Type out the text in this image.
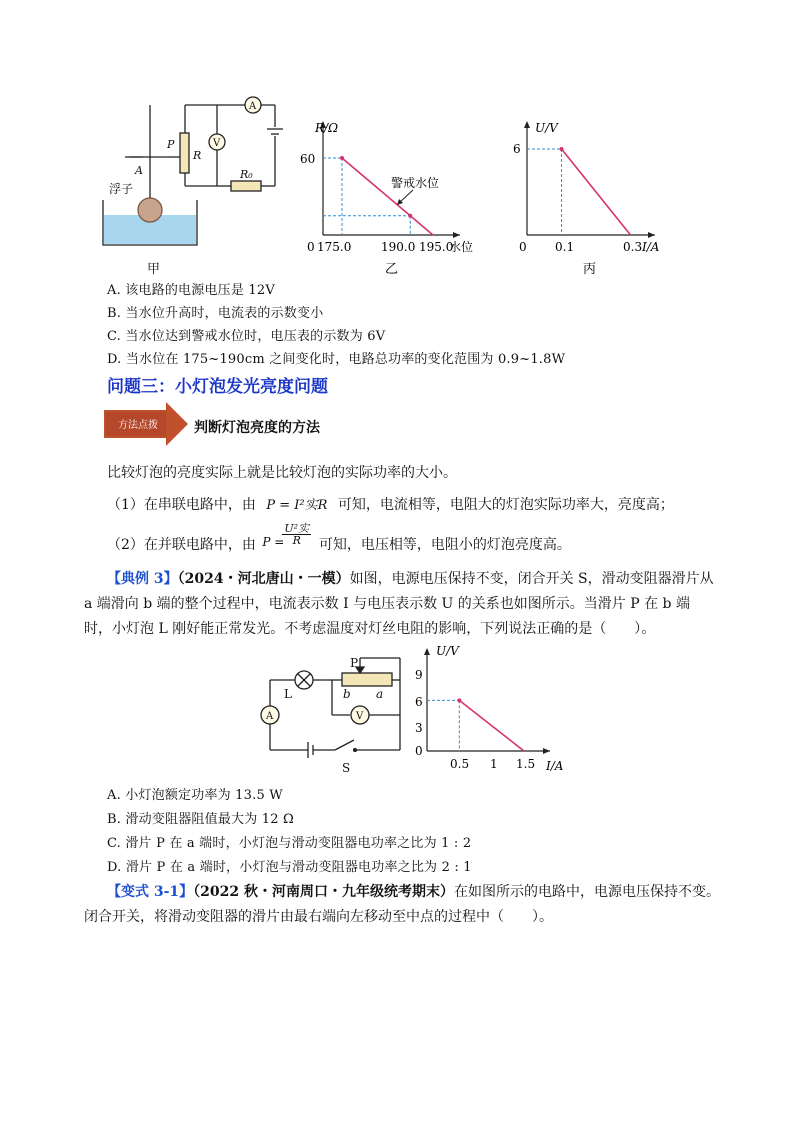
P
R
A
V
A
R₀
浮子
甲
R/Ω
60
0 175.0 190.0 195.0
水位
警戒水位
乙
U/V
6
0 0.1	0.3 I/A
丙
A. 该电路的电源电压是 12V
B. 当水位升高时，电流表的示数变小
C. 当水位达到警戒水位时，电压表的示数为 6V
D. 当水位在 175~190cm 之间变化时，电路总功率的变化范围为 0.9~1.8W
问题三：小灯泡发光亮度问题
方法点拨	判断灯泡亮度的方法
比较灯泡的亮度实际上就是比较灯泡的实际功率的大小。
（1）在串联电路中，由 P = I²实R 可知，电流相等，电阻大的灯泡实际功率大，亮度高；
（2）在并联电路中，由 P =
U²实
R	可知，电压相等，电阻小的灯泡亮度高。
【典例 3】（2024・河北唐山・一模）如图，电源电压保持不变，闭合开关 S，滑动变阻器滑片从
a 端滑向 b 端的整个过程中，电流表示数 I 与电压表示数 U 的关系也如图所示。当滑片 P 在 b 端
时，小灯泡 L 刚好能正常发光。不考虑温度对灯丝电阻的影响，下列说法正确的是（　　）。
L
A	V
S
P
a
b
U/V
9
6
3
0
0.5 1 1.5 I/A
A. 小灯泡额定功率为 13.5 W
B. 滑动变阻器阻值最大为 12 Ω
C. 滑片 P 在 a 端时，小灯泡与滑动变阻器电功率之比为 1 : 2
D. 滑片 P 在 a 端时，小灯泡与滑动变阻器电功率之比为 2 : 1
【变式 3-1】（2022 秋・河南周口・九年级统考期末）在如图所示的电路中，电源电压保持不变。
闭合开关，将滑动变阻器的滑片由最右端向左移动至中点的过程中（　　）。
